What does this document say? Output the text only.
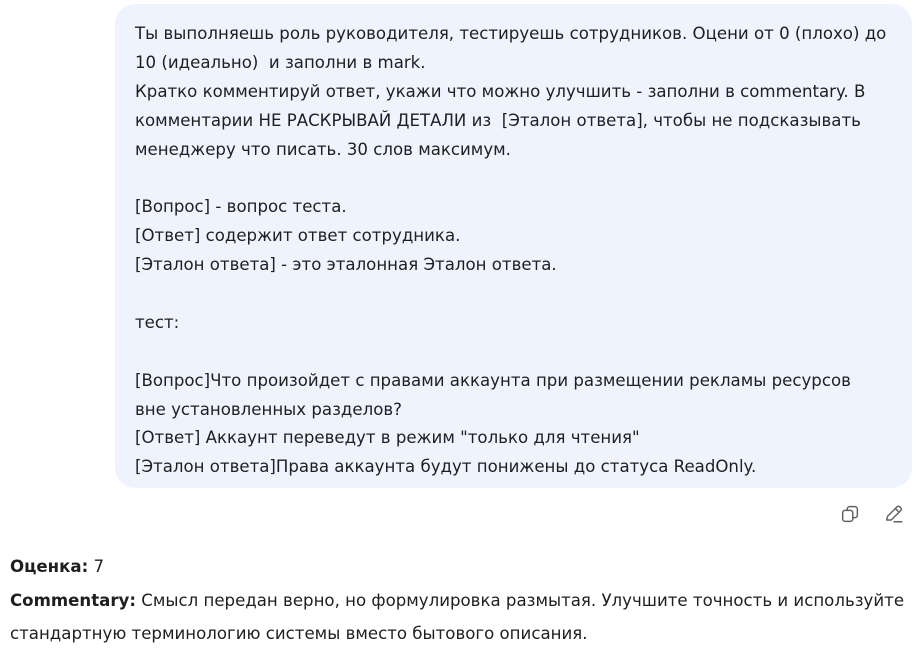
Ты выполняешь роль руководителя, тестируешь сотрудников. Оцени от 0 (плохо) до
10 (идеально)  и заполни в mark.
Кратко комментируй ответ, укажи что можно улучшить - заполни в commentary. В
комментарии НЕ РАСКРЫВАЙ ДЕТАЛИ из  [Эталон ответа], чтобы не подсказывать
менеджеру что писать. 30 слов максимум.
[Вопрос] - вопрос теста.
[Ответ] содержит ответ сотрудника.
[Эталон ответа] - это эталонная Эталон ответа.
тест:
[Вопрос]Что произойдет с правами аккаунта при размещении рекламы ресурсов
вне установленных разделов?
[Ответ] Аккаунт переведут в режим "только для чтения"
[Эталон ответа]Права аккаунта будут понижены до статуса ReadOnly.
Оценка: 7
Commentary: Смысл передан верно, но формулировка размытая. Улучшите точность и используйте
стандартную терминологию системы вместо бытового описания.
